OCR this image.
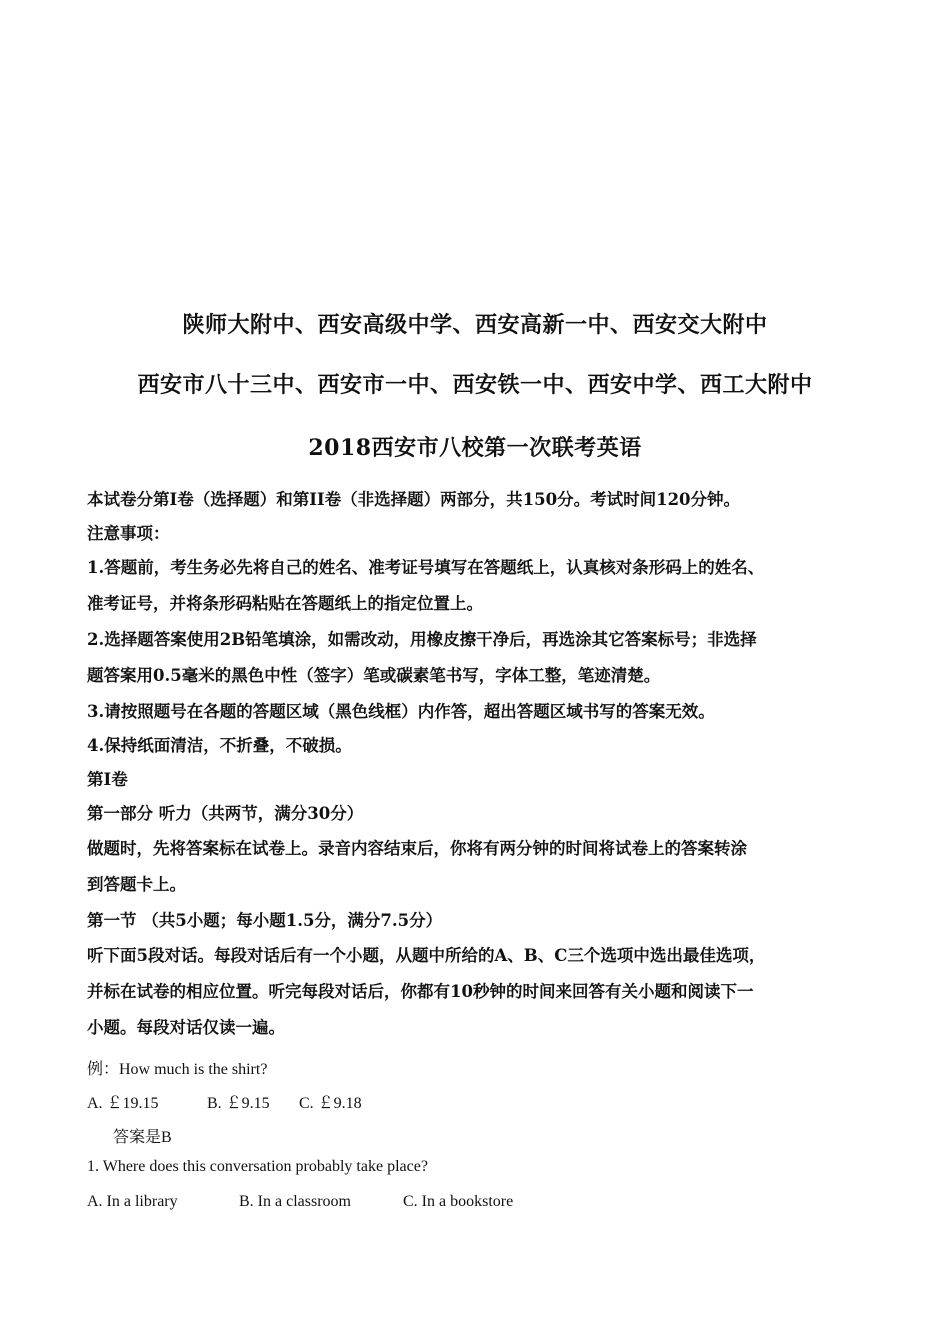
陕师大附中、西安高级中学、西安高新一中、西安交大附中
西安市八十三中、西安市一中、西安铁一中、西安中学、西工大附中
2018西安市八校第一次联考英语
本试卷分第Ⅰ卷（选择题）和第II卷（非选择题）两部分，共150分。考试时间120分钟。
注意事项：
1.答题前，考生务必先将自己的姓名、准考证号填写在答题纸上，认真核对条形码上的姓名、
准考证号，并将条形码粘贴在答题纸上的指定位置上。
2.选择题答案使用2B铅笔填涂，如需改动，用橡皮擦干净后，再选涂其它答案标号；非选择
题答案用0.5毫米的黑色中性（签字）笔或碳素笔书写，字体工整，笔迹清楚。
3.请按照题号在各题的答题区域（黑色线框）内作答，超出答题区域书写的答案无效。
4.保持纸面清洁，不折叠，不破损。
第Ⅰ卷
第一部分 听力（共两节，满分30分）
做题时，先将答案标在试卷上。录音内容结束后，你将有两分钟的时间将试卷上的答案转涂
到答题卡上。
第一节 （共5小题；每小题1.5分，满分7.5分）
听下面5段对话。每段对话后有一个小题，从题中所给的A、B、C三个选项中选出最佳选项，
并标在试卷的相应位置。听完每段对话后，你都有10秒钟的时间来回答有关小题和阅读下一
小题。每段对话仅读一遍。
例：How much is the shirt?
A. ￡19.15	B. ￡9.15 C. ￡9.18
答案是B
1. Where does this conversation probably take place?
A. In a library	B. In a classroom	C. In a bookstore
